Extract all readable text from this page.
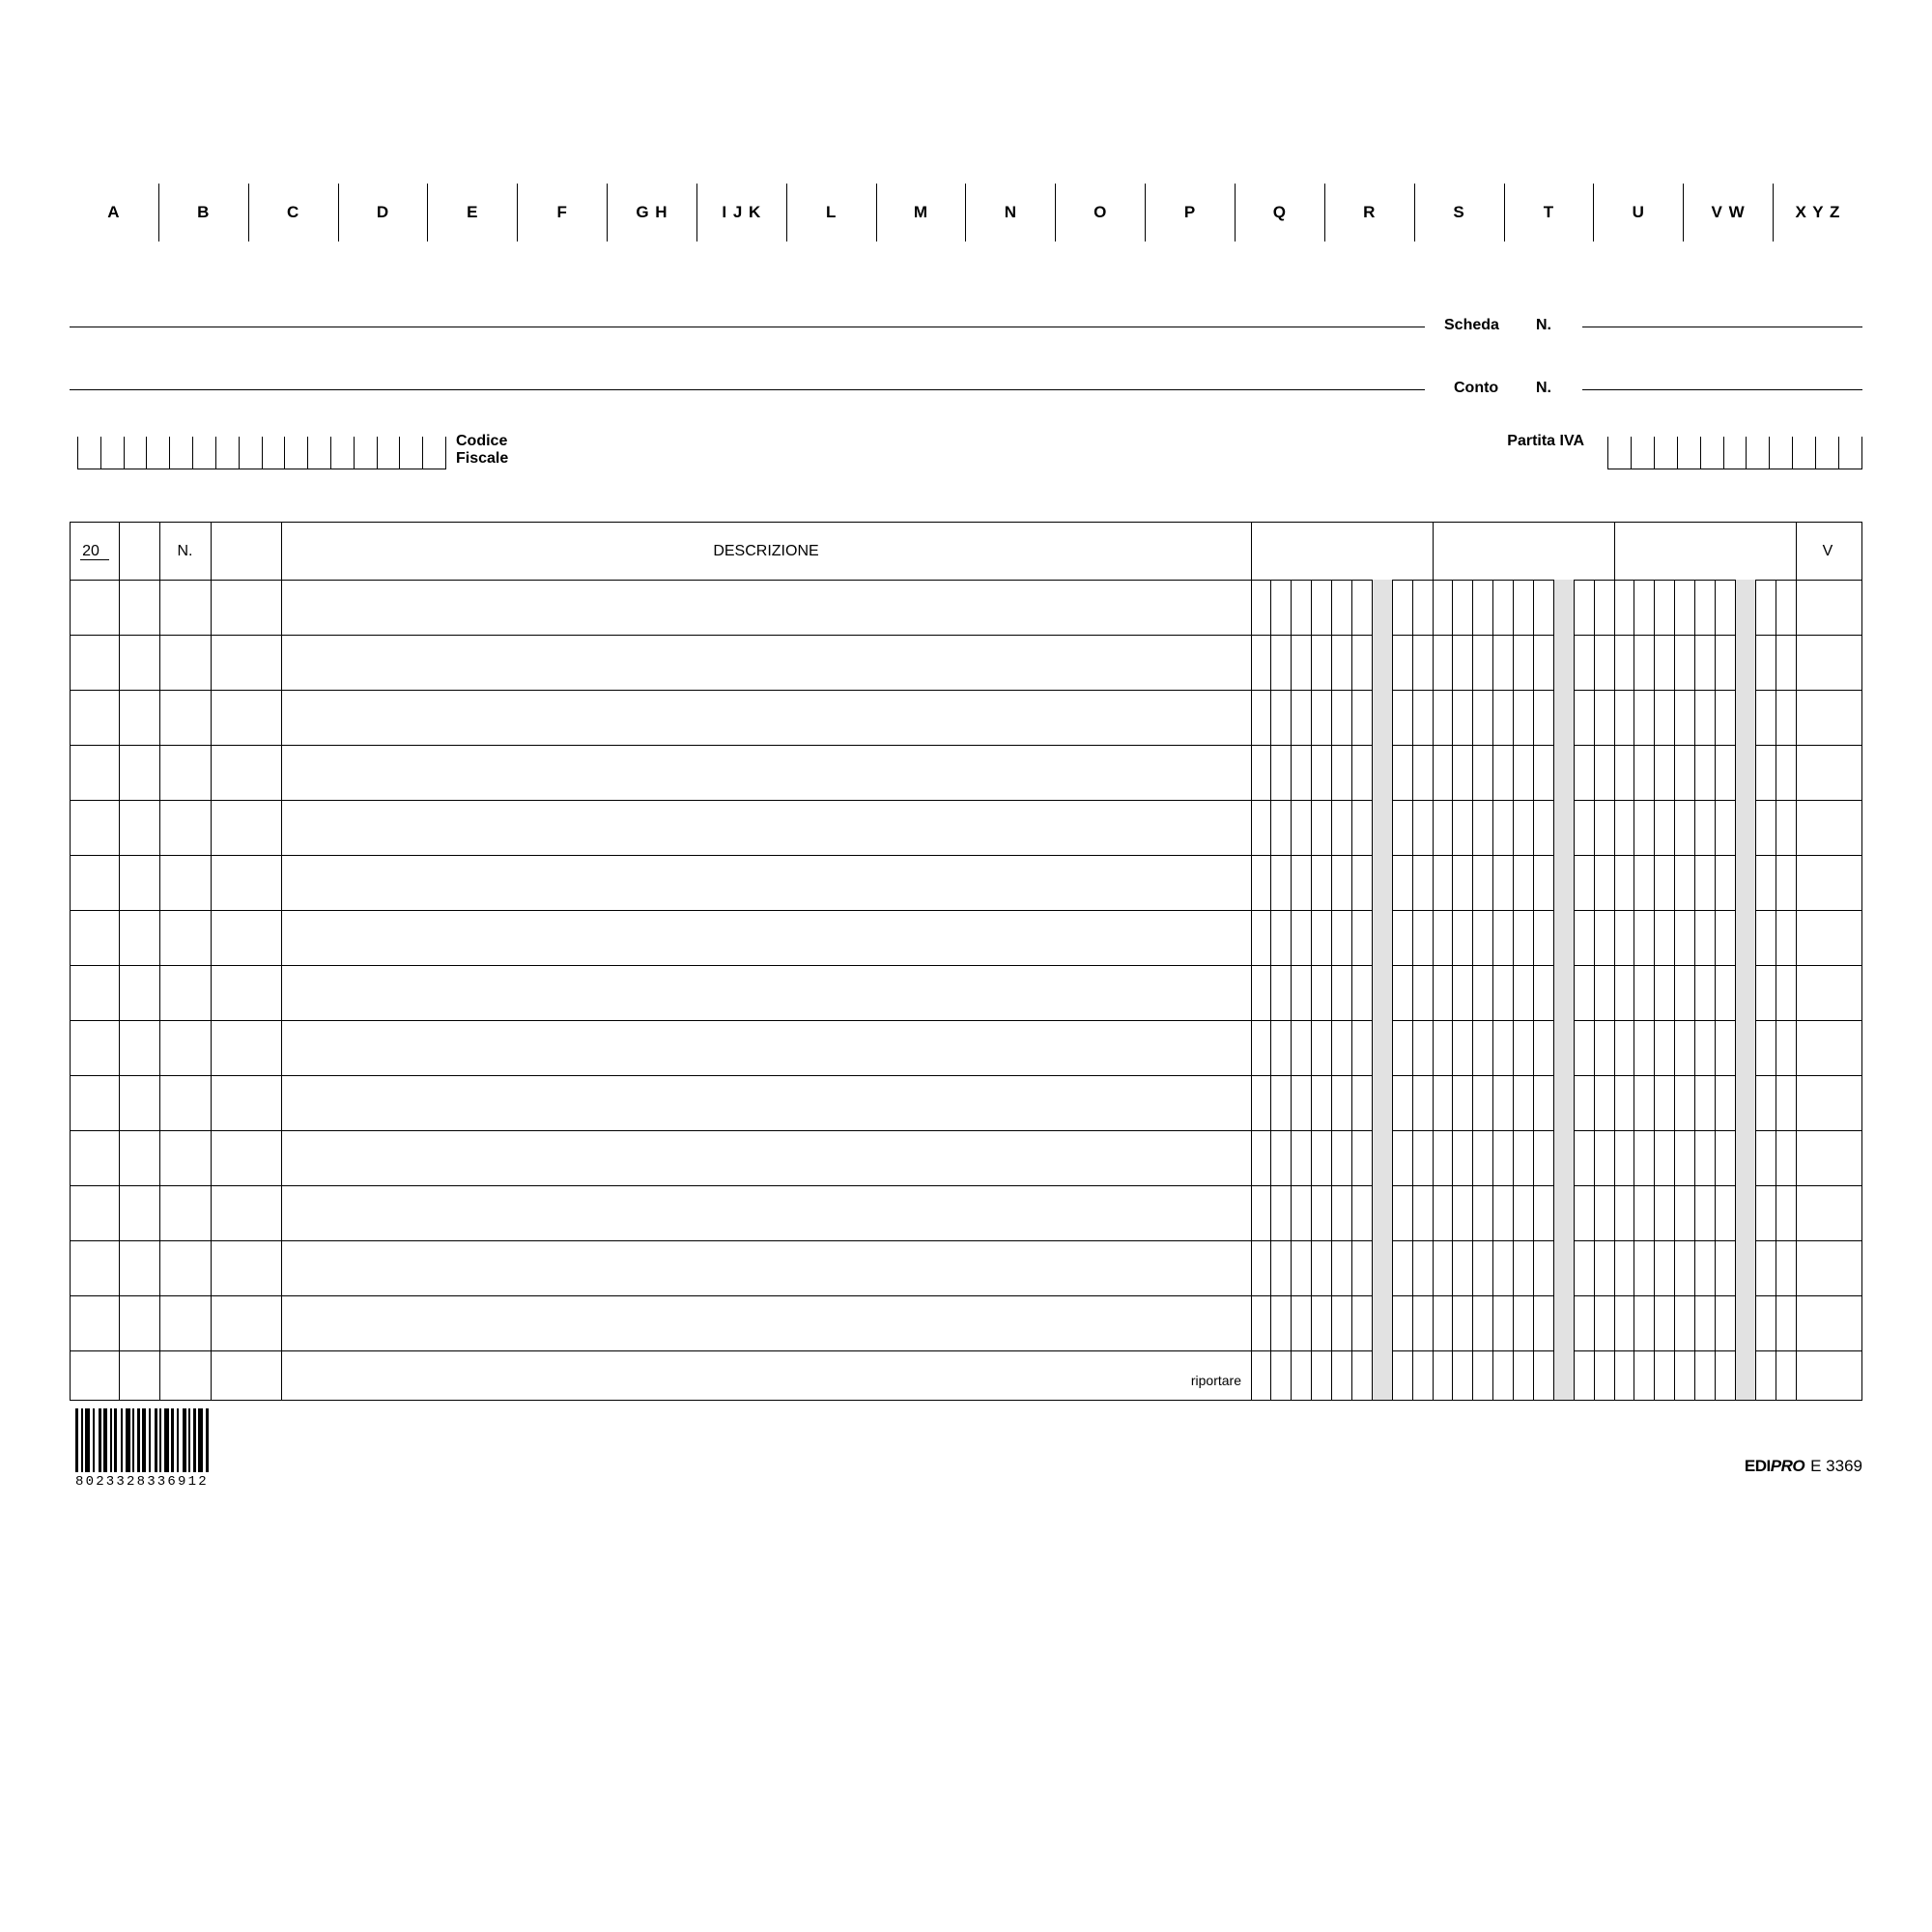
A	B	C	D	E	F	G H	I J K	L	M	N	O	P	Q	R	S	T	U	V W	X Y Z
Scheda N.
Conto N.
Codice
Fiscale
Partita IVA
20	N.	DESCRIZIONE	V
riportare
8023328336912
EDIPRO E 3369
